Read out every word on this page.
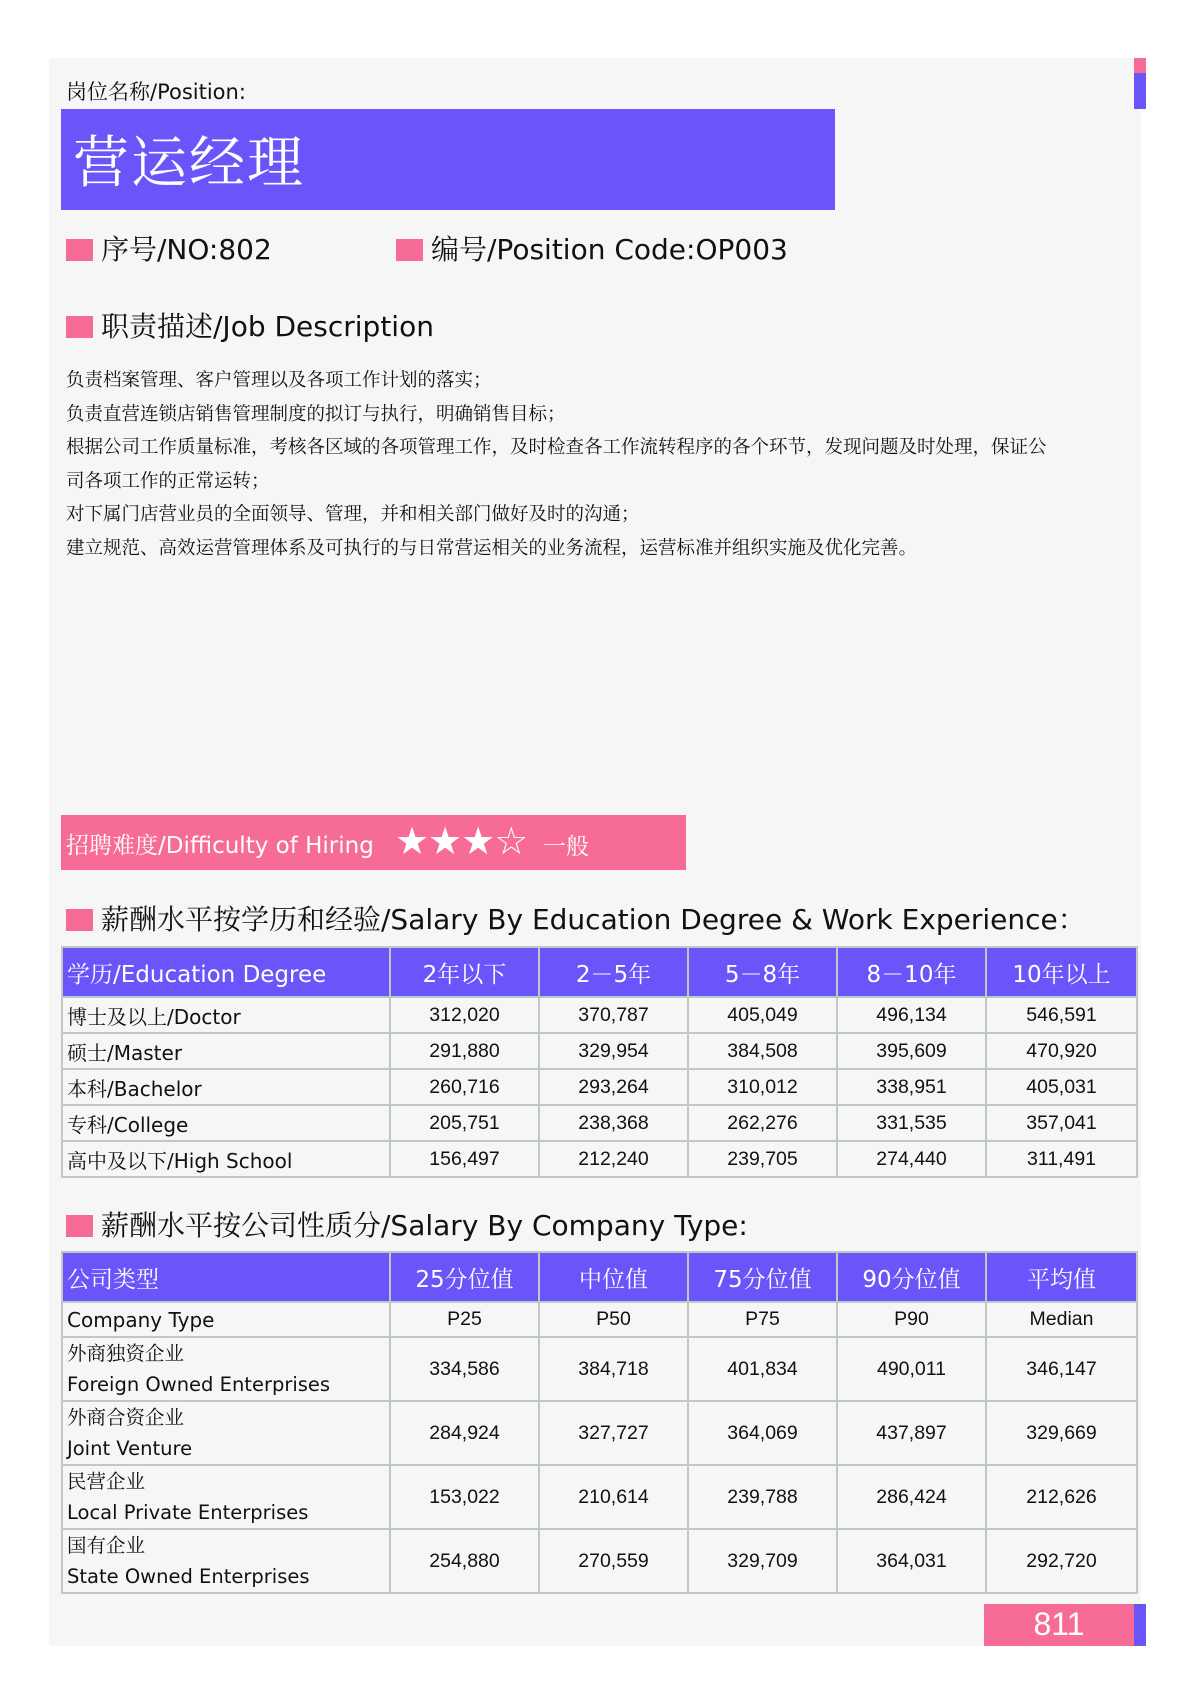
岗位名称/Position:
营运经理
序号/NO:802	编号/Position Code:OP003
职责描述/Job Description
负责档案管理、客户管理以及各项工作计划的落实；
负责直营连锁店销售管理制度的拟订与执行，明确销售目标；
根据公司工作质量标准，考核各区域的各项管理工作，及时检查各工作流转程序的各个环节，发现问题及时处理，保证公
司各项工作的正常运转；
对下属门店营业员的全面领导、管理，并和相关部门做好及时的沟通；
建立规范、高效运营管理体系及可执行的与日常营运相关的业务流程，运营标准并组织实施及优化完善。
招聘难度/Difficulty of Hiring ★★★☆ 一般
薪酬水平按学历和经验/Salary By Education Degree & Work Experience：
学历/Education Degree	2年以下	2－5年	5－8年	8－10年	10年以上
博士及以上/Doctor	312,020	370,787	405,049	496,134	546,591
硕士/Master	291,880	329,954	384,508	395,609	470,920
本科/Bachelor	260,716	293,264	310,012	338,951	405,031
专科/College	205,751	238,368	262,276	331,535	357,041
高中及以下/High School	156,497	212,240	239,705	274,440	311,491
薪酬水平按公司性质分/Salary By Company Type:
公司类型	25分位值	中位值	75分位值	90分位值	平均值
Company Type	P25	P50	P75	P90	Median

外商独资企业
Foreign Owned Enterprises	334,586	384,718	401,834	490,011	346,147

外商合资企业
Joint Venture	284,924	327,727	364,069	437,897	329,669

民营企业
Local Private Enterprises	153,022	210,614	239,788	286,424	212,626

国有企业
State Owned Enterprises	254,880	270,559	329,709	364,031	292,720
811
